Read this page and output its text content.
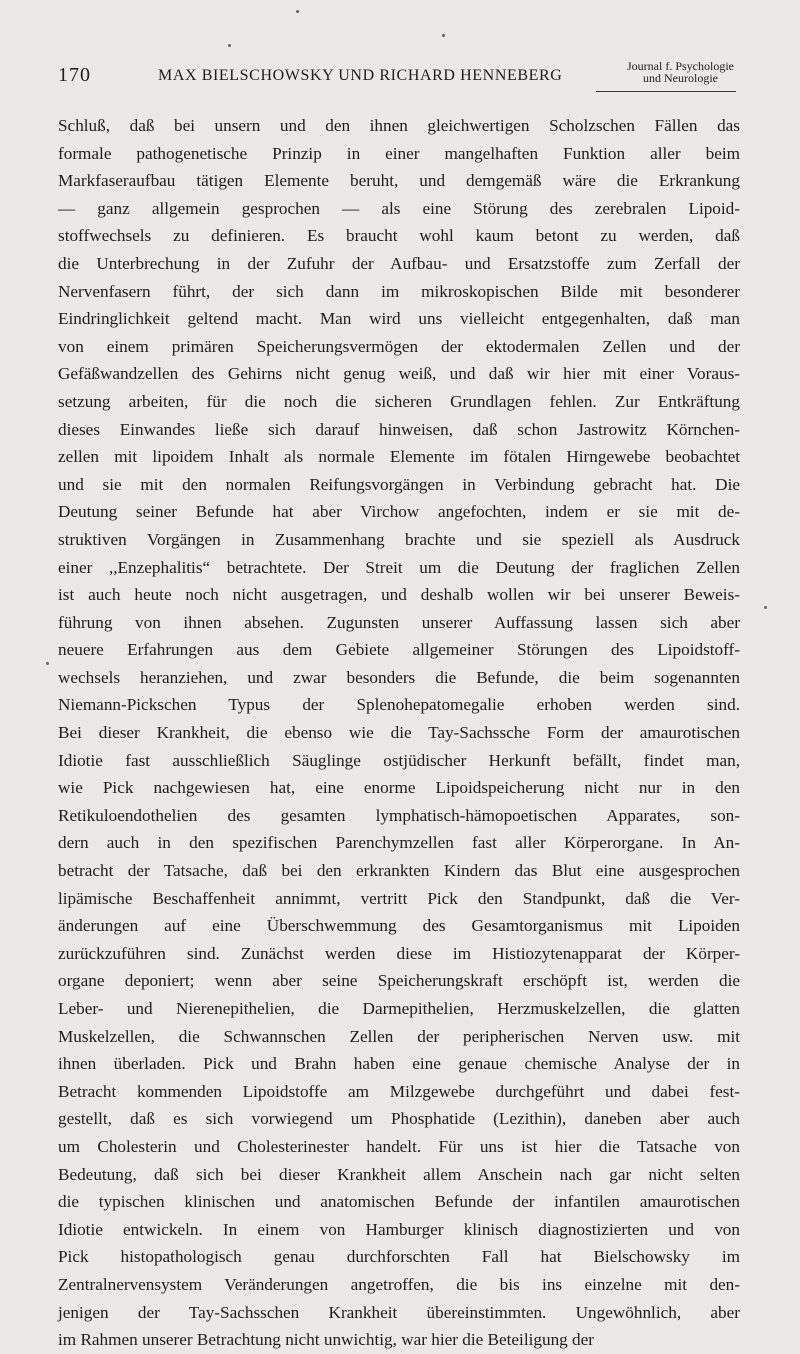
170	MAX BIELSCHOWSKY UND RICHARD HENNEBERG
Journal f. Psychologie
und Neurologie
Schluß, daß bei unsern und den ihnen gleichwertigen Scholzschen Fällen das
formale pathogenetische Prinzip in einer mangelhaften Funktion aller beim
Markfaseraufbau tätigen Elemente beruht, und demgemäß wäre die Erkrankung
— ganz allgemein gesprochen — als eine Störung des zerebralen Lipoid-
stoffwechsels zu definieren. Es braucht wohl kaum betont zu werden, daß
die Unterbrechung in der Zufuhr der Aufbau- und Ersatzstoffe zum Zerfall der
Nervenfasern führt, der sich dann im mikroskopischen Bilde mit besonderer
Eindringlichkeit geltend macht. Man wird uns vielleicht entgegenhalten, daß man
von einem primären Speicherungsvermögen der ektodermalen Zellen und der
Gefäßwandzellen des Gehirns nicht genug weiß, und daß wir hier mit einer Voraus-
setzung arbeiten, für die noch die sicheren Grundlagen fehlen. Zur Entkräftung
dieses Einwandes ließe sich darauf hinweisen, daß schon Jastrowitz Körnchen-
zellen mit lipoidem Inhalt als normale Elemente im fötalen Hirngewebe beobachtet
und sie mit den normalen Reifungsvorgängen in Verbindung gebracht hat. Die
Deutung seiner Befunde hat aber Virchow angefochten, indem er sie mit de-
struktiven Vorgängen in Zusammenhang brachte und sie speziell als Ausdruck
einer ,,Enzephalitis“ betrachtete. Der Streit um die Deutung der fraglichen Zellen
ist auch heute noch nicht ausgetragen, und deshalb wollen wir bei unserer Beweis-
führung von ihnen absehen. Zugunsten unserer Auffassung lassen sich aber
neuere Erfahrungen aus dem Gebiete allgemeiner Störungen des Lipoidstoff-
wechsels heranziehen, und zwar besonders die Befunde, die beim sogenannten
Niemann-Pickschen Typus der Splenohepatomegalie erhoben werden sind.
Bei dieser Krankheit, die ebenso wie die Tay-Sachssche Form der amaurotischen
Idiotie fast ausschließlich Säuglinge ostjüdischer Herkunft befällt, findet man,
wie Pick nachgewiesen hat, eine enorme Lipoidspeicherung nicht nur in den
Retikuloendothelien des gesamten lymphatisch-hämopoetischen Apparates, son-
dern auch in den spezifischen Parenchymzellen fast aller Körperorgane. In An-
betracht der Tatsache, daß bei den erkrankten Kindern das Blut eine ausgesprochen
lipämische Beschaffenheit annimmt, vertritt Pick den Standpunkt, daß die Ver-
änderungen auf eine Überschwemmung des Gesamtorganismus mit Lipoiden
zurückzuführen sind. Zunächst werden diese im Histiozytenapparat der Körper-
organe deponiert; wenn aber seine Speicherungskraft erschöpft ist, werden die
Leber- und Nierenepithelien, die Darmepithelien, Herzmuskelzellen, die glatten
Muskelzellen, die Schwannschen Zellen der peripherischen Nerven usw. mit
ihnen überladen. Pick und Brahn haben eine genaue chemische Analyse der in
Betracht kommenden Lipoidstoffe am Milzgewebe durchgeführt und dabei fest-
gestellt, daß es sich vorwiegend um Phosphatide (Lezithin), daneben aber auch
um Cholesterin und Cholesterinester handelt. Für uns ist hier die Tatsache von
Bedeutung, daß sich bei dieser Krankheit allem Anschein nach gar nicht selten
die typischen klinischen und anatomischen Befunde der infantilen amaurotischen
Idiotie entwickeln. In einem von Hamburger klinisch diagnostizierten und von
Pick histopathologisch genau durchforschten Fall hat Bielschowsky im
Zentralnervensystem Veränderungen angetroffen, die bis ins einzelne mit den-
jenigen der Tay-Sachsschen Krankheit übereinstimmten. Ungewöhnlich, aber
im Rahmen unserer Betrachtung nicht unwichtig, war hier die Beteiligung der
